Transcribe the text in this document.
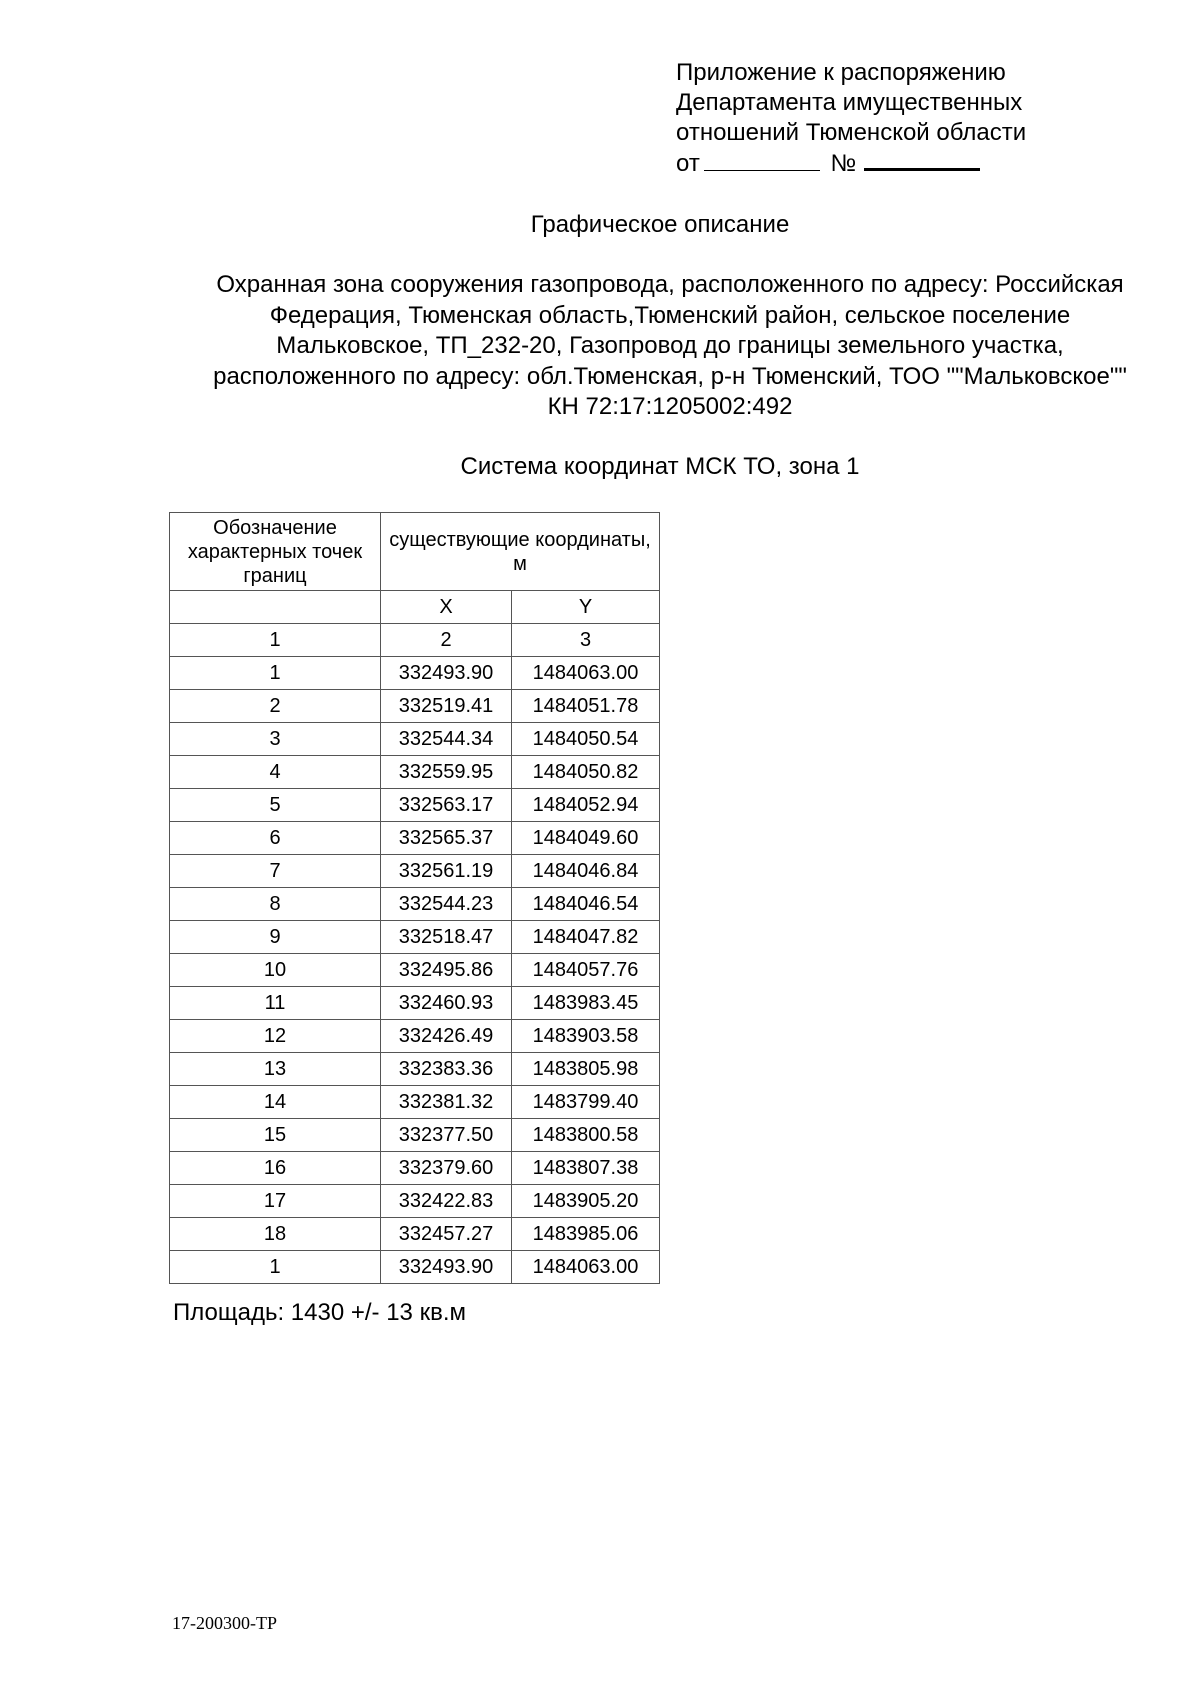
Приложение к распоряжению
Департамента имущественных
отношений Тюменской области
от	№
Графическое описание
Охранная зона сооружения газопровода, расположенного по адресу: Российская Федерация, Тюменская область,Тюменский район, сельское поселение Мальковское, ТП_232-20, Газопровод до границы земельного участка, расположенного по адресу: обл.Тюменская, р-н Тюменский, ТОО ""Мальковское"" КН 72:17:1205002:492
Система координат МСК ТО, зона 1
Обозначение характерных точек границ	существующие координаты, м	
	X	Y
1	2	3
1	332493.90	1484063.00
2	332519.41	1484051.78
3	332544.34	1484050.54
4	332559.95	1484050.82
5	332563.17	1484052.94
6	332565.37	1484049.60
7	332561.19	1484046.84
8	332544.23	1484046.54
9	332518.47	1484047.82
10	332495.86	1484057.76
11	332460.93	1483983.45
12	332426.49	1483903.58
13	332383.36	1483805.98
14	332381.32	1483799.40
15	332377.50	1483800.58
16	332379.60	1483807.38
17	332422.83	1483905.20
18	332457.27	1483985.06
1	332493.90	1484063.00
Площадь: 1430 +/- 13 кв.м
17-200300-ТР
